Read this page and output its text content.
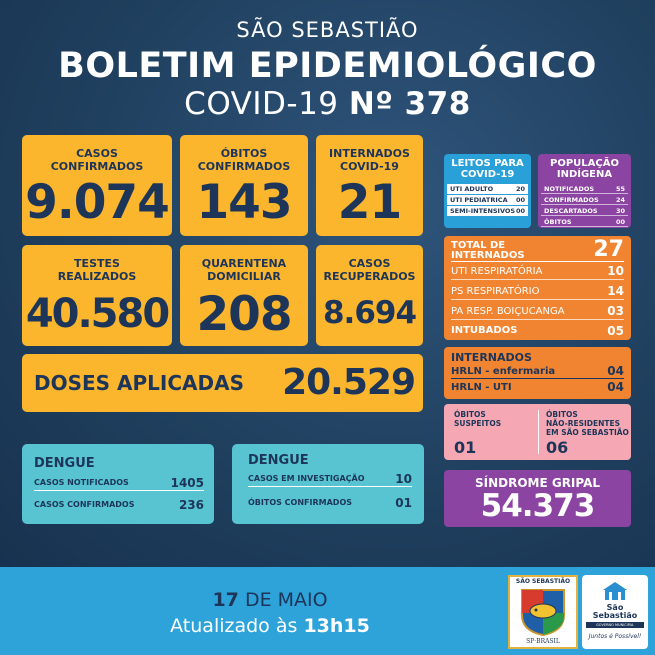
SÃO SEBASTIÃO
BOLETIM EPIDEMIOLÓGICO
COVID-19 Nº 378
CASOS
CONFIRMADOS
9.074
ÓBITOS
CONFIRMADOS
143
INTERNADOS
COVID-19
21
TESTES
REALIZADOS
40.580
QUARENTENA
DOMICILIAR
208
CASOS
RECUPERADOS
8.694
DOSES APLICADAS 20.529
LEITOS PARA
COVID-19
UTI ADULTO	20
UTI PEDIATRICA 00
SEMI-INTENSIVOS 00
POPULAÇÃO
INDÍGENA
NOTIFICADOS	55
CONFIRMADOS	24
DESCARTADOS	30
ÓBITOS	00
TOTAL DE
INTERNADOS	27
UTI RESPIRATÓRIA	10
PS RESPIRATÓRIO	14
PA RESP. BOIÇUCANGA	03
INTUBADOS	05
INTERNADOS
HRLN - enfermaria	04
HRLN - UTI	04
ÓBITOS
SUSPEITOS
01
ÓBITOS
NÃO-RESIDENTES
EM SÃO SEBASTIÃO
06
SÍNDROME GRIPAL
54.373
DENGUE
CASOS NOTIFICADOS	1405
CASOS CONFIRMADOS	236
DENGUE
CASOS EM INVESTIGAÇÃO	10
ÓBITOS CONFIRMADOS	01
17 DE MAIO
Atualizado às 13h15
SÃO SEBASTIÃO
SP·BRASIL
São
Sebastião
GOVERNO MUNICIPAL
Juntos é Possível!
